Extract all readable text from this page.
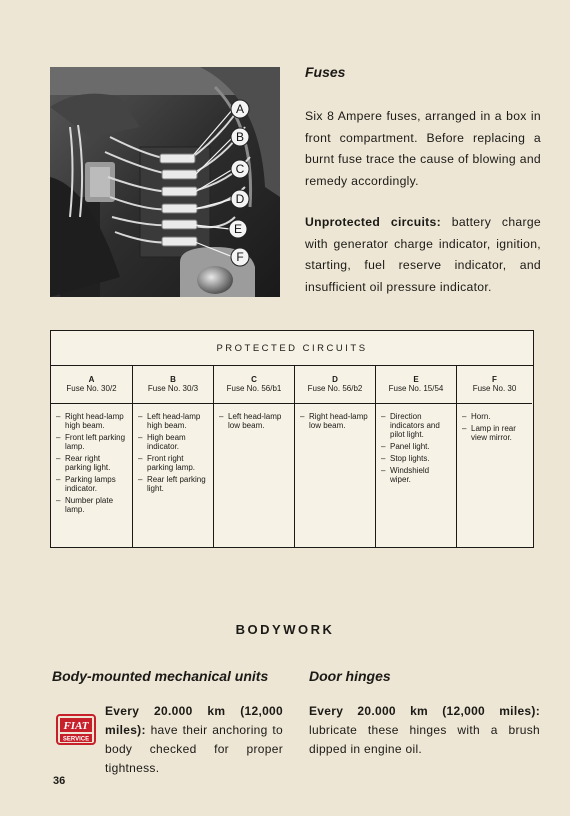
A
B
C
D
E
F
Fuses
Six 8 Ampere fuses, arranged in a box in front compartment. Before replacing a burnt fuse trace the cause of blowing and remedy accordingly.
Unprotected circuits: battery charge with generator charge indicator, ignition, starting, fuel reserve indicator, and insufficient oil pressure indicator.
PROTECTED CIRCUITS
A
Fuse No. 30/2
– Right head-lamp high beam.
– Front left parking lamp.
– Rear right parking light.
– Parking lamps indicator.
– Number plate lamp.
B
Fuse No. 30/3
– Left head-lamp high beam.
– High beam indicator.
– Front right parking lamp.
– Rear left parking light.
C
Fuse No. 56/b1
– Left head-lamp low beam.
D
Fuse No. 56/b2
– Right head-lamp low beam.
E
Fuse No. 15/54
– Direction indicators and pilot light.
– Panel light.
– Stop lights.
– Windshield wiper.
F
Fuse No. 30
– Horn.
– Lamp in rear view mirror.
BODYWORK
Body-mounted mechanical units	Door hinges
FIAT
SERVICE
Every 20.000 km (12,000 miles): have their anchoring to body checked for proper tightness.
Every 20.000 km (12,000 miles): lubricate these hinges with a brush dipped in engine oil.
36
